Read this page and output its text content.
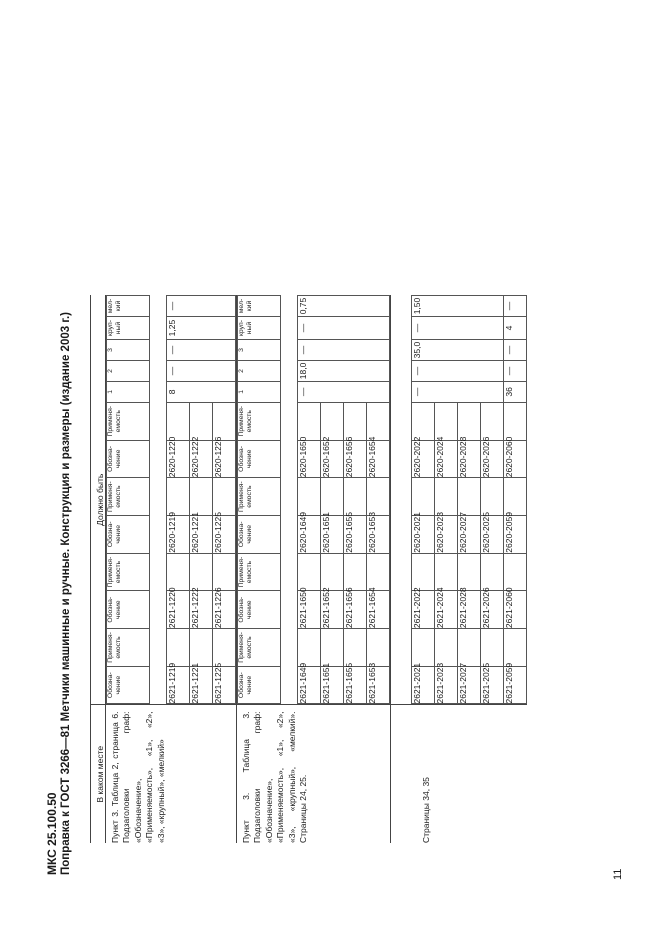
МКС 25.100.50 Поправка к ГОСТ 3266—81 Метчики машинные и ручные. Конструкция и размеры (издание 2003 г.)	В каком месте	Должно быть
Пункт 3. Таблица 2, страница 6. Подзаголовки граф: «Обозначение», «Применяемость», «1», «2», «3», «крупный», «мелкий»	
Обозна-чение	Применя-емость	Обозна-чение	Применя-емость	Обозна-чение	Применя-емость	Обозна-чение	Применя-емость	1	2	3	круп-ный	мел-кий

2621-1219		2621-1220		2620-1219		2620-1220		8	—	—	1,25	—
2621-1221		2621-1222		2620-1221		2620-1222	
2621-1225		2621-1226		2620-1225		2620-1226	

Пункт 3. Таблица 3. Подзаголовки граф: «Обозначение», «Применяемость», «1», «2», «3», «крупный», «мелкий». Страницы 24, 25.	
Обозна-чение	Применя-емость	Обозна-чение	Применя-емость	Обозна-чение	Применя-емость	Обозна-чение	Применя-емость	1	2	3	круп-ный	мел-кий

2621-1649		2621-1650		2620-1649		2620-1650		—	18,0	—	—	0,75
2621-1651		2621-1652		2620-1651		2620-1652	
2621-1655		2621-1656		2620-1655		2620-1656	
2621-1653		2621-1654		2620-1653		2620-1654	

Страницы 34, 35	

2621-2021		2621-2022		2620-2021		2620-2022		—	—	35,0	—	1,50
2621-2023		2621-2024		2620-2023		2620-2024	
2621-2027		2621-2028		2620-2027		2620-2028	
2621-2025		2621-2026		2620-2025		2620-2026	
2621-2059		2621-2060		2620-2059		2620-2060		36	—	—	4	—
11
